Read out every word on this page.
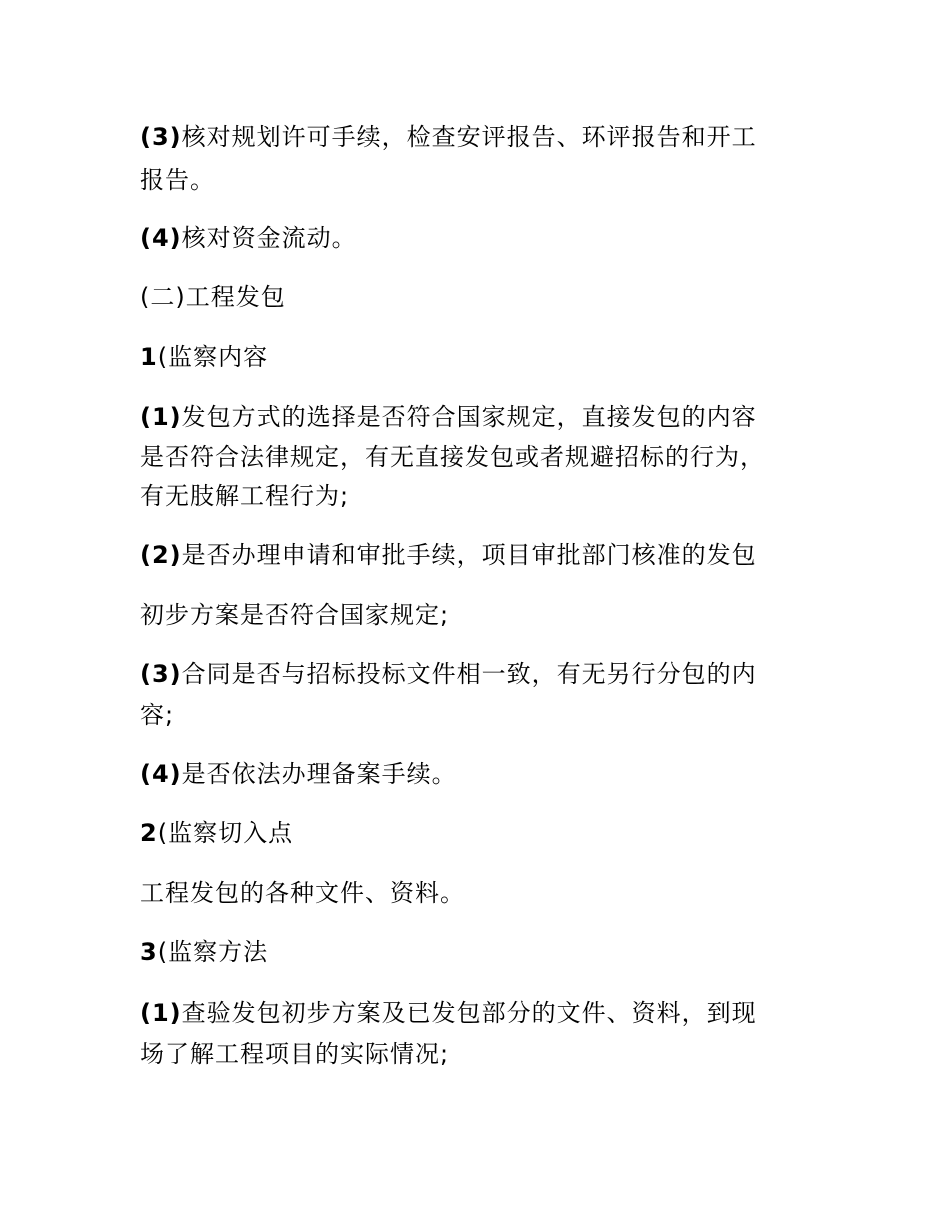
(3)核对规划许可手续，检查安评报告、环评报告和开工
报告。
(4)核对资金流动。
(二)工程发包
1(监察内容
(1)发包方式的选择是否符合国家规定，直接发包的内容
是否符合法律规定，有无直接发包或者规避招标的行为，
有无肢解工程行为;
(2)是否办理申请和审批手续，项目审批部门核准的发包
初步方案是否符合国家规定;
(3)合同是否与招标投标文件相一致，有无另行分包的内
容;
(4)是否依法办理备案手续。
2(监察切入点
工程发包的各种文件、资料。
3(监察方法
(1)查验发包初步方案及已发包部分的文件、资料，到现
场了解工程项目的实际情况;
